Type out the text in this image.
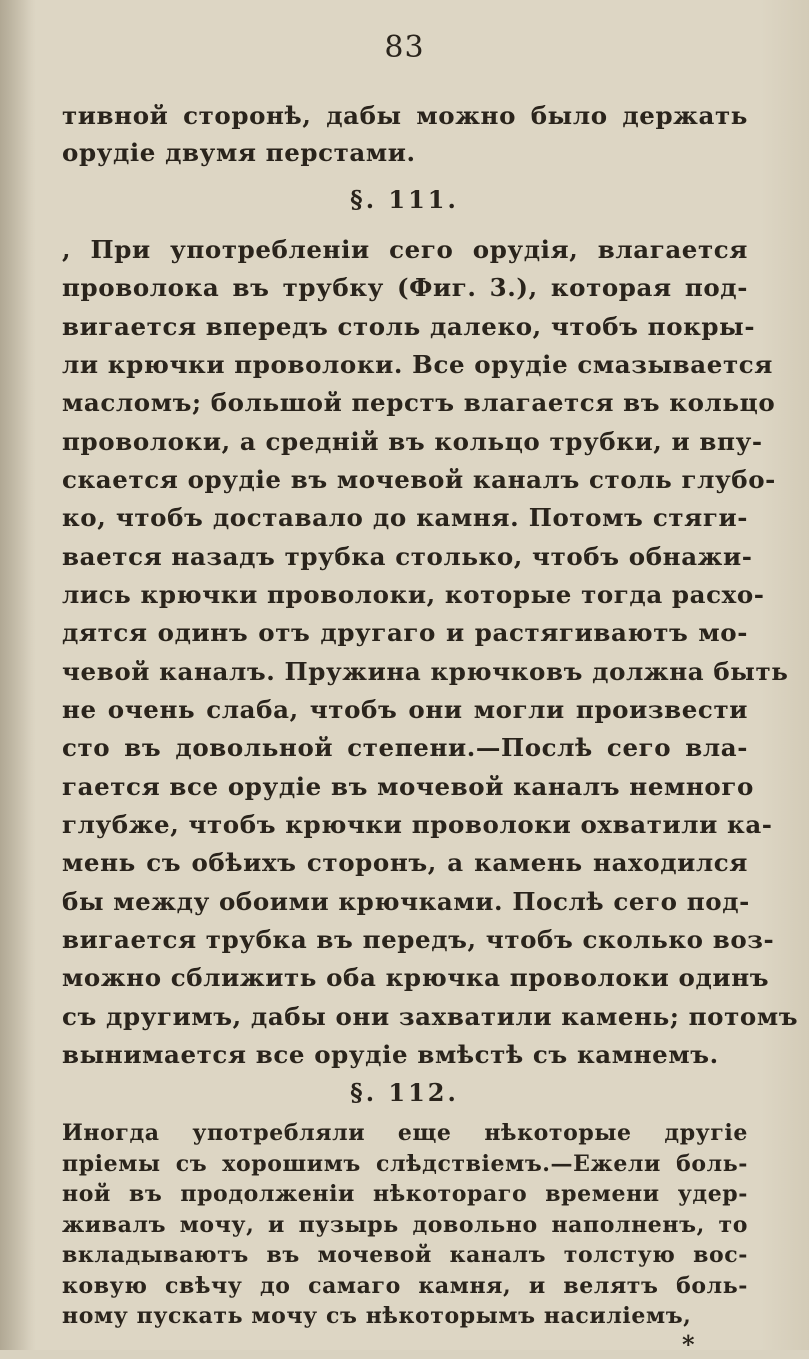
83
тивной сторонѣ, дабы можно было держать
орудіе двумя перстами.
§. 111.
, При употребленіи сего орудія, влагается
проволока въ трубку (Фиг. 3.), которая под-
вигается впередъ столь далеко, чтобъ покры-
ли крючки проволоки. Все орудіе смазывается
масломъ; большой перстъ влагается въ кольцо
проволоки, а средній въ кольцо трубки, и впу-
скается орудіе въ мочевой каналъ столь глубо-
ко, чтобъ доставало до камня. Потомъ стяги-
вается назадъ трубка столько, чтобъ обнажи-
лись крючки проволоки, которые тогда расхо-
дятся одинъ отъ другаго и растягиваютъ мо-
чевой каналъ. Пружина крючковъ должна быть
не очень слаба, чтобъ они могли произвести
сто въ довольной степени.—Послѣ сего вла-
гается все орудіе въ мочевой каналъ немного
глубже, чтобъ крючки проволоки охватили ка-
мень съ обѣихъ сторонъ, а камень находился
бы между обоими крючками. Послѣ сего под-
вигается трубка въ передъ, чтобъ сколько воз-
можно сближить оба крючка проволоки одинъ
съ другимъ, дабы они захватили камень; потомъ
вынимается все орудіе вмѣстѣ съ камнемъ.
§. 112.
*
Иногда употребляли еще нѣкоторые другіе
пріемы съ хорошимъ слѣдствіемъ.—Ежели боль-
ной въ продолженіи нѣкотораго времени удер-
живалъ мочу, и пузырь довольно наполненъ, то
вкладываютъ въ мочевой каналъ толстую вос-
ковую свѣчу до самаго камня, и велятъ боль-
ному пускать мочу съ нѣкоторымъ насиліемъ,
